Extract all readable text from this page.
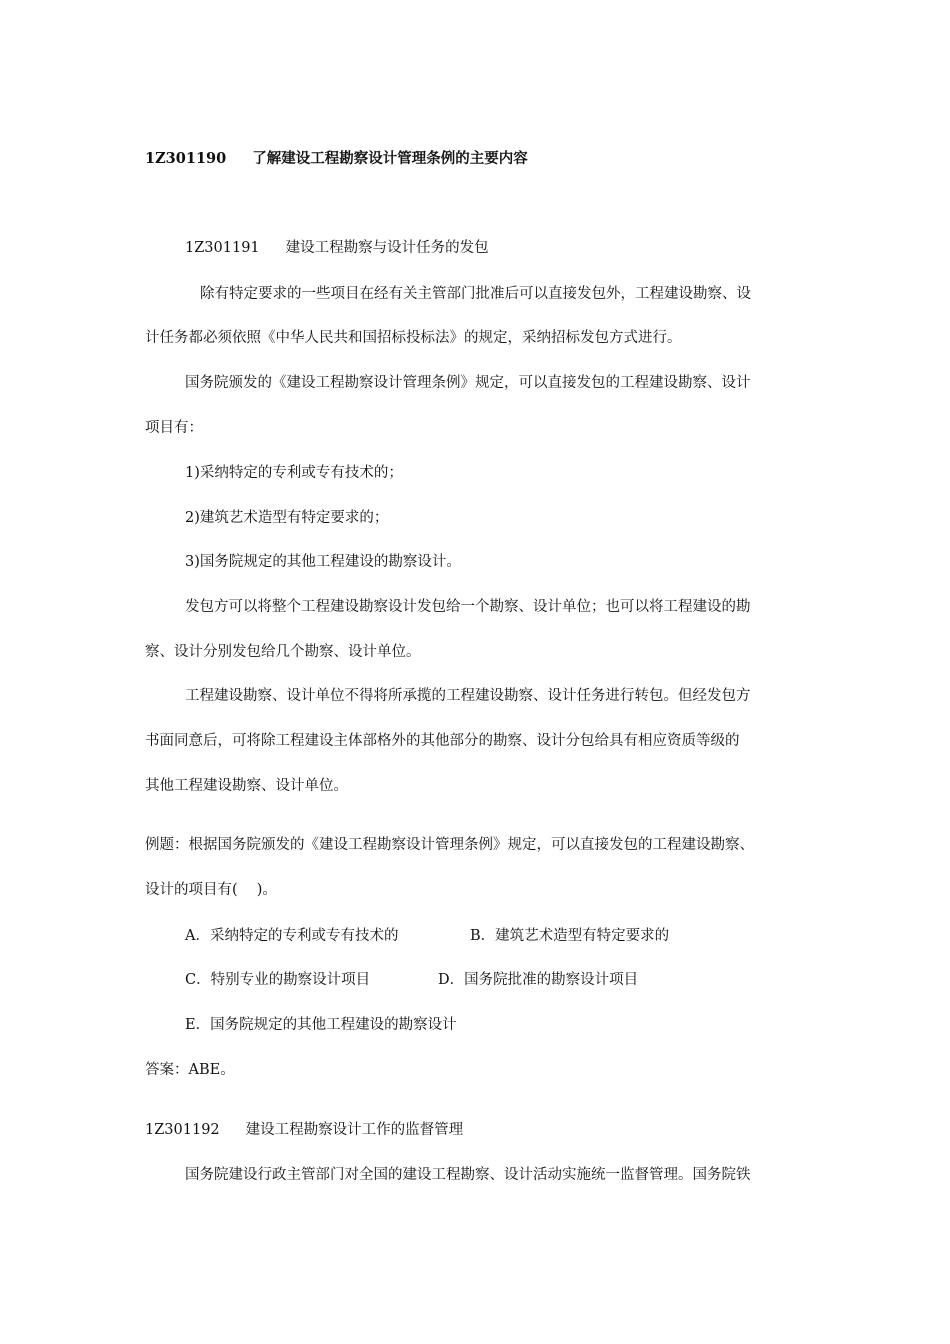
1Z301190 了解建设工程勘察设计管理条例的主要内容
1Z301191 建设工程勘察与设计任务的发包
除有特定要求的一些项目在经有关主管部门批准后可以直接发包外，工程建设勘察、设
计任务都必须依照《中华人民共和国招标投标法》的规定，采纳招标发包方式进行。
国务院颁发的《建设工程勘察设计管理条例》规定，可以直接发包的工程建设勘察、设计
项目有：
1)采纳特定的专利或专有技术的；
2)建筑艺术造型有特定要求的；
3)国务院规定的其他工程建设的勘察设计。
发包方可以将整个工程建设勘察设计发包给一个勘察、设计单位；也可以将工程建设的勘
察、设计分别发包给几个勘察、设计单位。
工程建设勘察、设计单位不得将所承揽的工程建设勘察、设计任务进行转包。但经发包方
书面同意后，可将除工程建设主体部格外的其他部分的勘察、设计分包给具有相应资质等级的
其他工程建设勘察、设计单位。
例题：根据国务院颁发的《建设工程勘察设计管理条例》规定，可以直接发包的工程建设勘察、
设计的项目有(　 )。
A．采纳特定的专利或专有技术的	B．建筑艺术造型有特定要求的
C．特别专业的勘察设计项目	D．国务院批准的勘察设计项目
E．国务院规定的其他工程建设的勘察设计
答案：ABE。
1Z301192 建设工程勘察设计工作的监督管理
国务院建设行政主管部门对全国的建设工程勘察、设计活动实施统一监督管理。国务院铁
